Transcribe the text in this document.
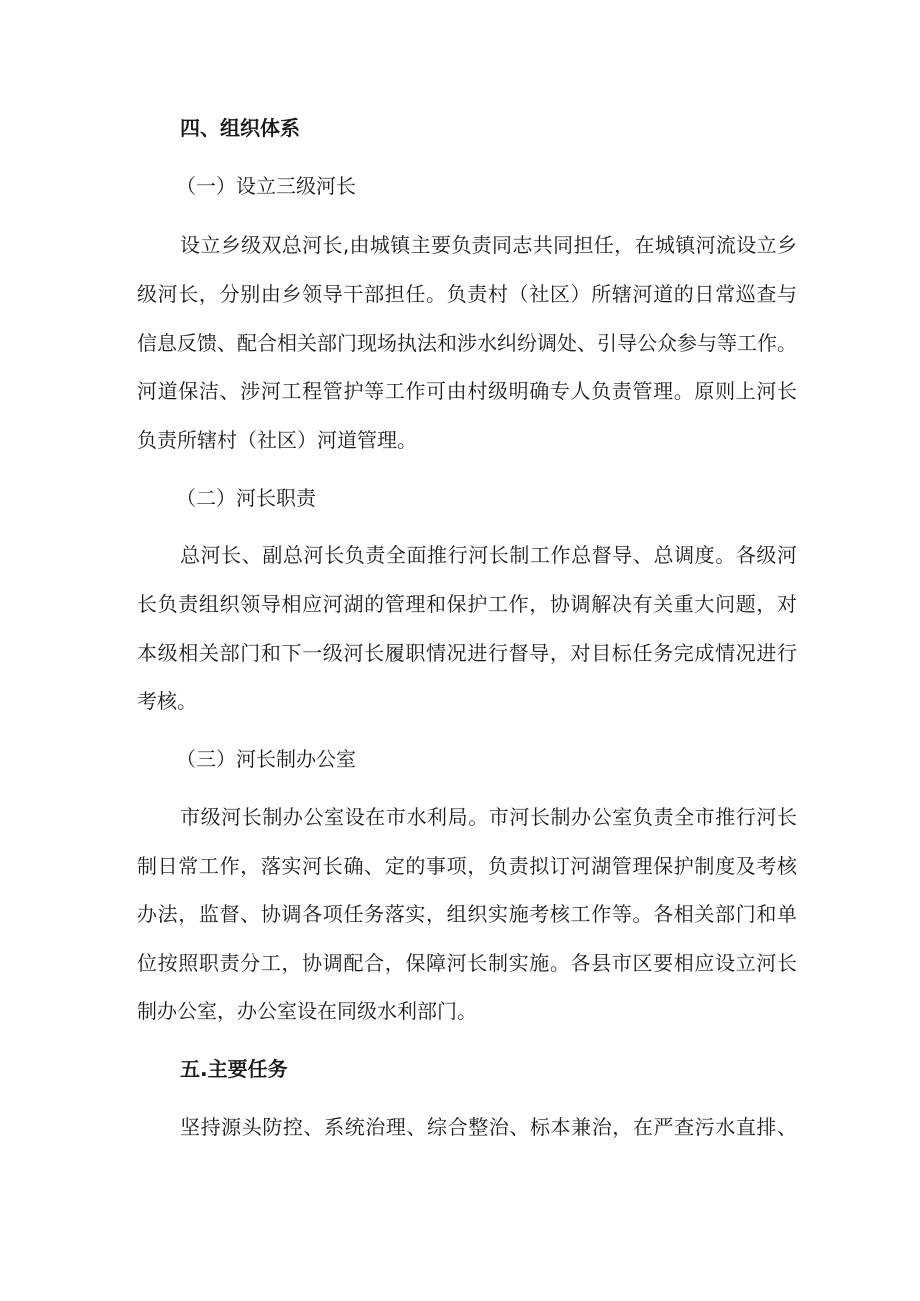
四、组织体系
（一）设立三级河长
设立乡级双总河长,由城镇主要负责同志共同担任，在城镇河流设立乡
级河长，分别由乡领导干部担任。负责村（社区）所辖河道的日常巡查与
信息反馈、配合相关部门现场执法和涉水纠纷调处、引导公众参与等工作。
河道保洁、涉河工程管护等工作可由村级明确专人负责管理。原则上河长
负责所辖村（社区）河道管理。
（二）河长职责
总河长、副总河长负责全面推行河长制工作总督导、总调度。各级河
长负责组织领导相应河湖的管理和保护工作，协调解决有关重大问题，对
本级相关部门和下一级河长履职情况进行督导，对目标任务完成情况进行
考核。
（三）河长制办公室
市级河长制办公室设在市水利局。市河长制办公室负责全市推行河长
制日常工作，落实河长确、定的事项，负责拟订河湖管理保护制度及考核
办法，监督、协调各项任务落实，组织实施考核工作等。各相关部门和单
位按照职责分工，协调配合，保障河长制实施。各县市区要相应设立河长
制办公室，办公室设在同级水利部门。
五.主要任务
坚持源头防控、系统治理、综合整治、标本兼治，在严查污水直排、
